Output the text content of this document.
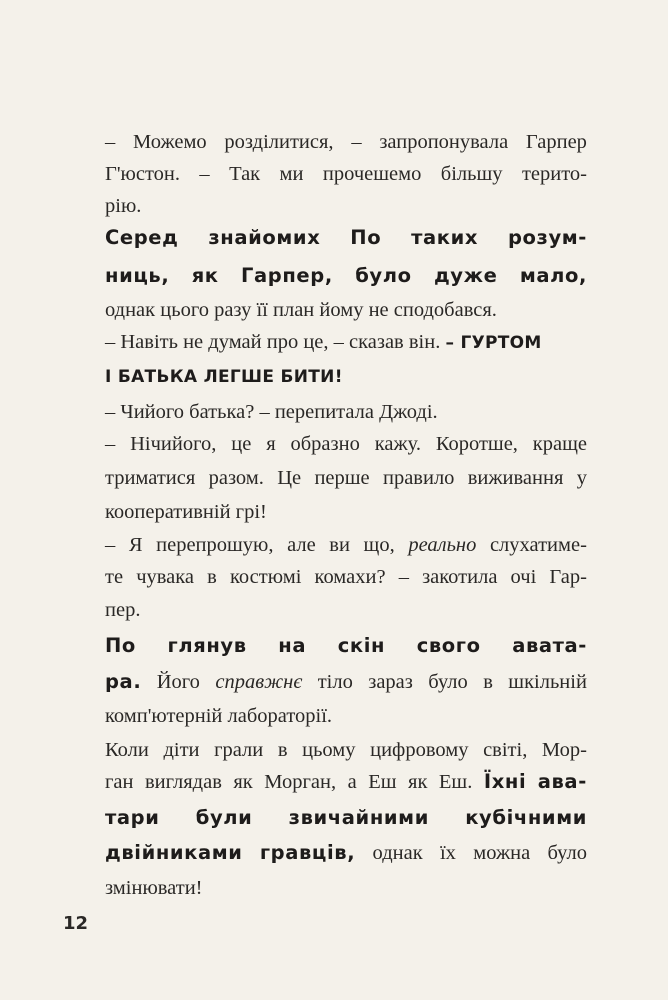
– Можемо розділитися, – запропонувала Гарпер
Г'юстон. – Так ми прочешемо більшу терито-
рію.
Серед знайомих По таких розум-
ниць, як Гарпер, було дуже мало,
однак цього разу її план йому не сподобався.
– Навіть не думай про це, – сказав він. – ГУРТОМ
І БАТЬКА ЛЕГШЕ БИТИ!
– Чийого батька? – перепитала Джоді.
– Нічийого, це я образно кажу. Коротше, краще
триматися разом. Це перше правило виживання у
кооперативній грі!
– Я перепрошую, але ви що, реально слухатиме-
те чувака в костюмі комахи? – закотила очі Гар-
пер.
По глянув на скін свого авата-
ра. Його справжнє тіло зараз було в шкільній
комп'ютерній лабораторії.
Коли діти грали в цьому цифровому світі, Мор-
ган виглядав як Морган, а Еш як Еш. Їхні ава-
тари були звичайними кубічними
двійниками гравців, однак їх можна було
змінювати!
12
